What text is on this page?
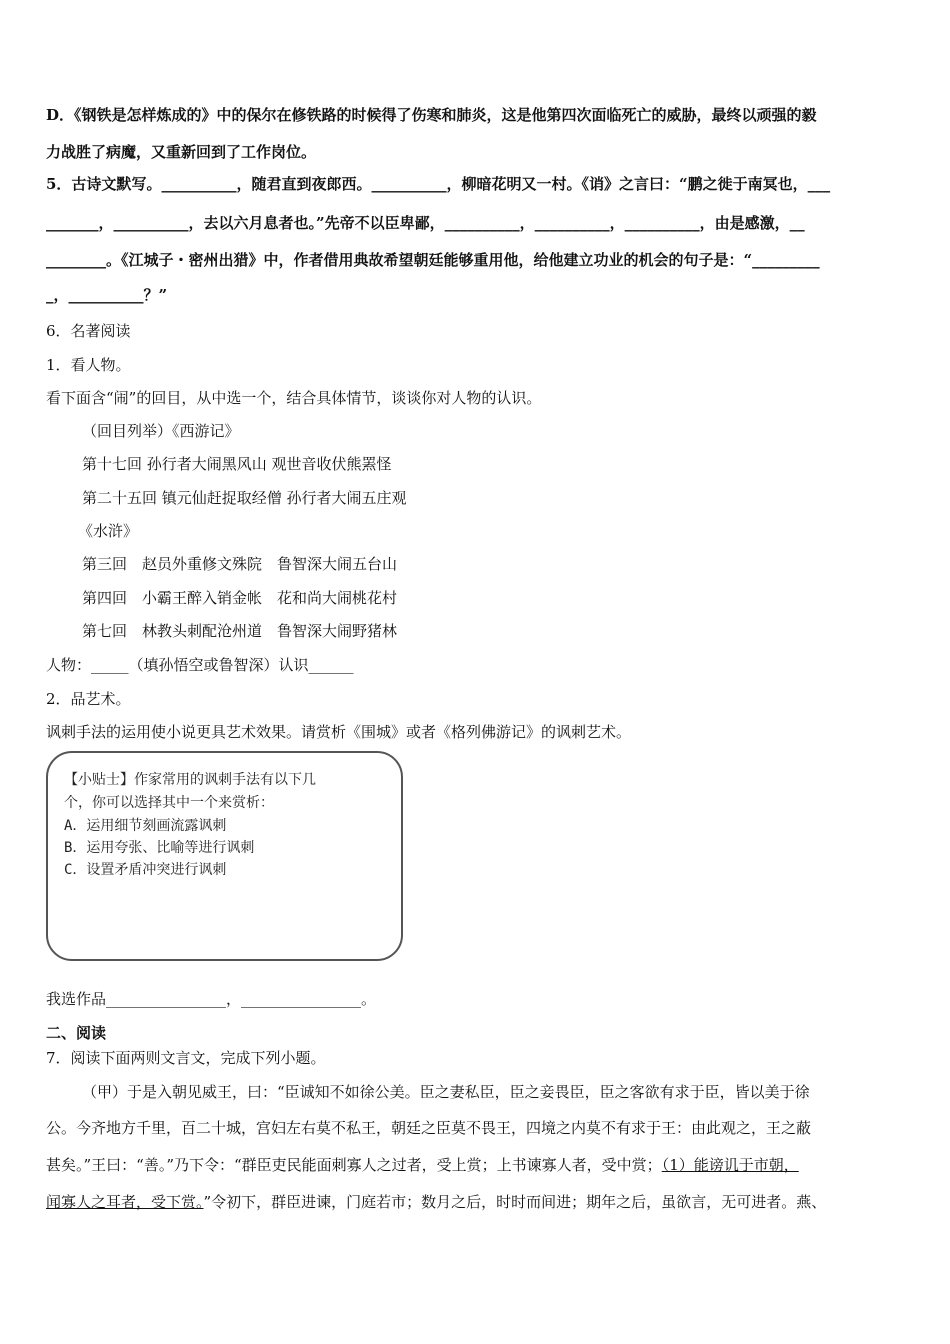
D．《钢铁是怎样炼成的》中的保尔在修铁路的时候得了伤寒和肺炎，这是他第四次面临死亡的威胁，最终以顽强的毅
力战胜了病魔，又重新回到了工作岗位。
5．古诗文默写。__________，随君直到夜郎西。__________，柳暗花明又一村。《诮》之言曰：“鹏之徙于南冥也，___
_______，__________，去以六月息者也。”先帝不以臣卑鄙，__________，__________，__________，由是感激，__
________。《江城子・密州出猎》中，作者借用典故希望朝廷能够重用他，给他建立功业的机会的句子是：“_________
_，__________？”
6．名著阅读
1．看人物。
看下面含“闹”的回目，从中选一个，结合具体情节，谈谈你对人物的认识。
（回目列举）《西游记》
第十七回 孙行者大闹黑风山 观世音收伏熊罴怪
第二十五回 镇元仙赶捉取经僧 孙行者大闹五庄观
《水浒》
第三回　赵员外重修文殊院　鲁智深大闹五台山
第四回　小霸王醉入销金帐　花和尚大闹桃花村
第七回　林教头刺配沧州道　鲁智深大闹野猪林
人物：_____（填孙悟空或鲁智深）认识______
2．品艺术。
讽刺手法的运用使小说更具艺术效果。请赏析《围城》或者《格列佛游记》的讽刺艺术。
【小贴士】作家常用的讽刺手法有以下几
个，你可以选择其中一个来赏析：
A．运用细节刻画流露讽刺
B．运用夸张、比喻等进行讽刺
C．设置矛盾冲突进行讽刺
我选作品________________，________________。
二、阅读
7．阅读下面两则文言文，完成下列小题。
（甲）于是入朝见威王，曰：“臣诚知不如徐公美。臣之妻私臣，臣之妾畏臣，臣之客欲有求于臣，皆以美于徐
公。今齐地方千里，百二十城，宫妇左右莫不私王，朝廷之臣莫不畏王，四境之内莫不有求于王：由此观之，王之蔽
甚矣。”王曰：“善。”乃下令：“群臣吏民能面刺寡人之过者，受上赏；上书谏寡人者，受中赏；（1）能谤讥于市朝，
闻寡人之耳者，受下赏。”令初下，群臣进谏，门庭若市；数月之后，时时而间进；期年之后，虽欲言，无可进者。燕、
